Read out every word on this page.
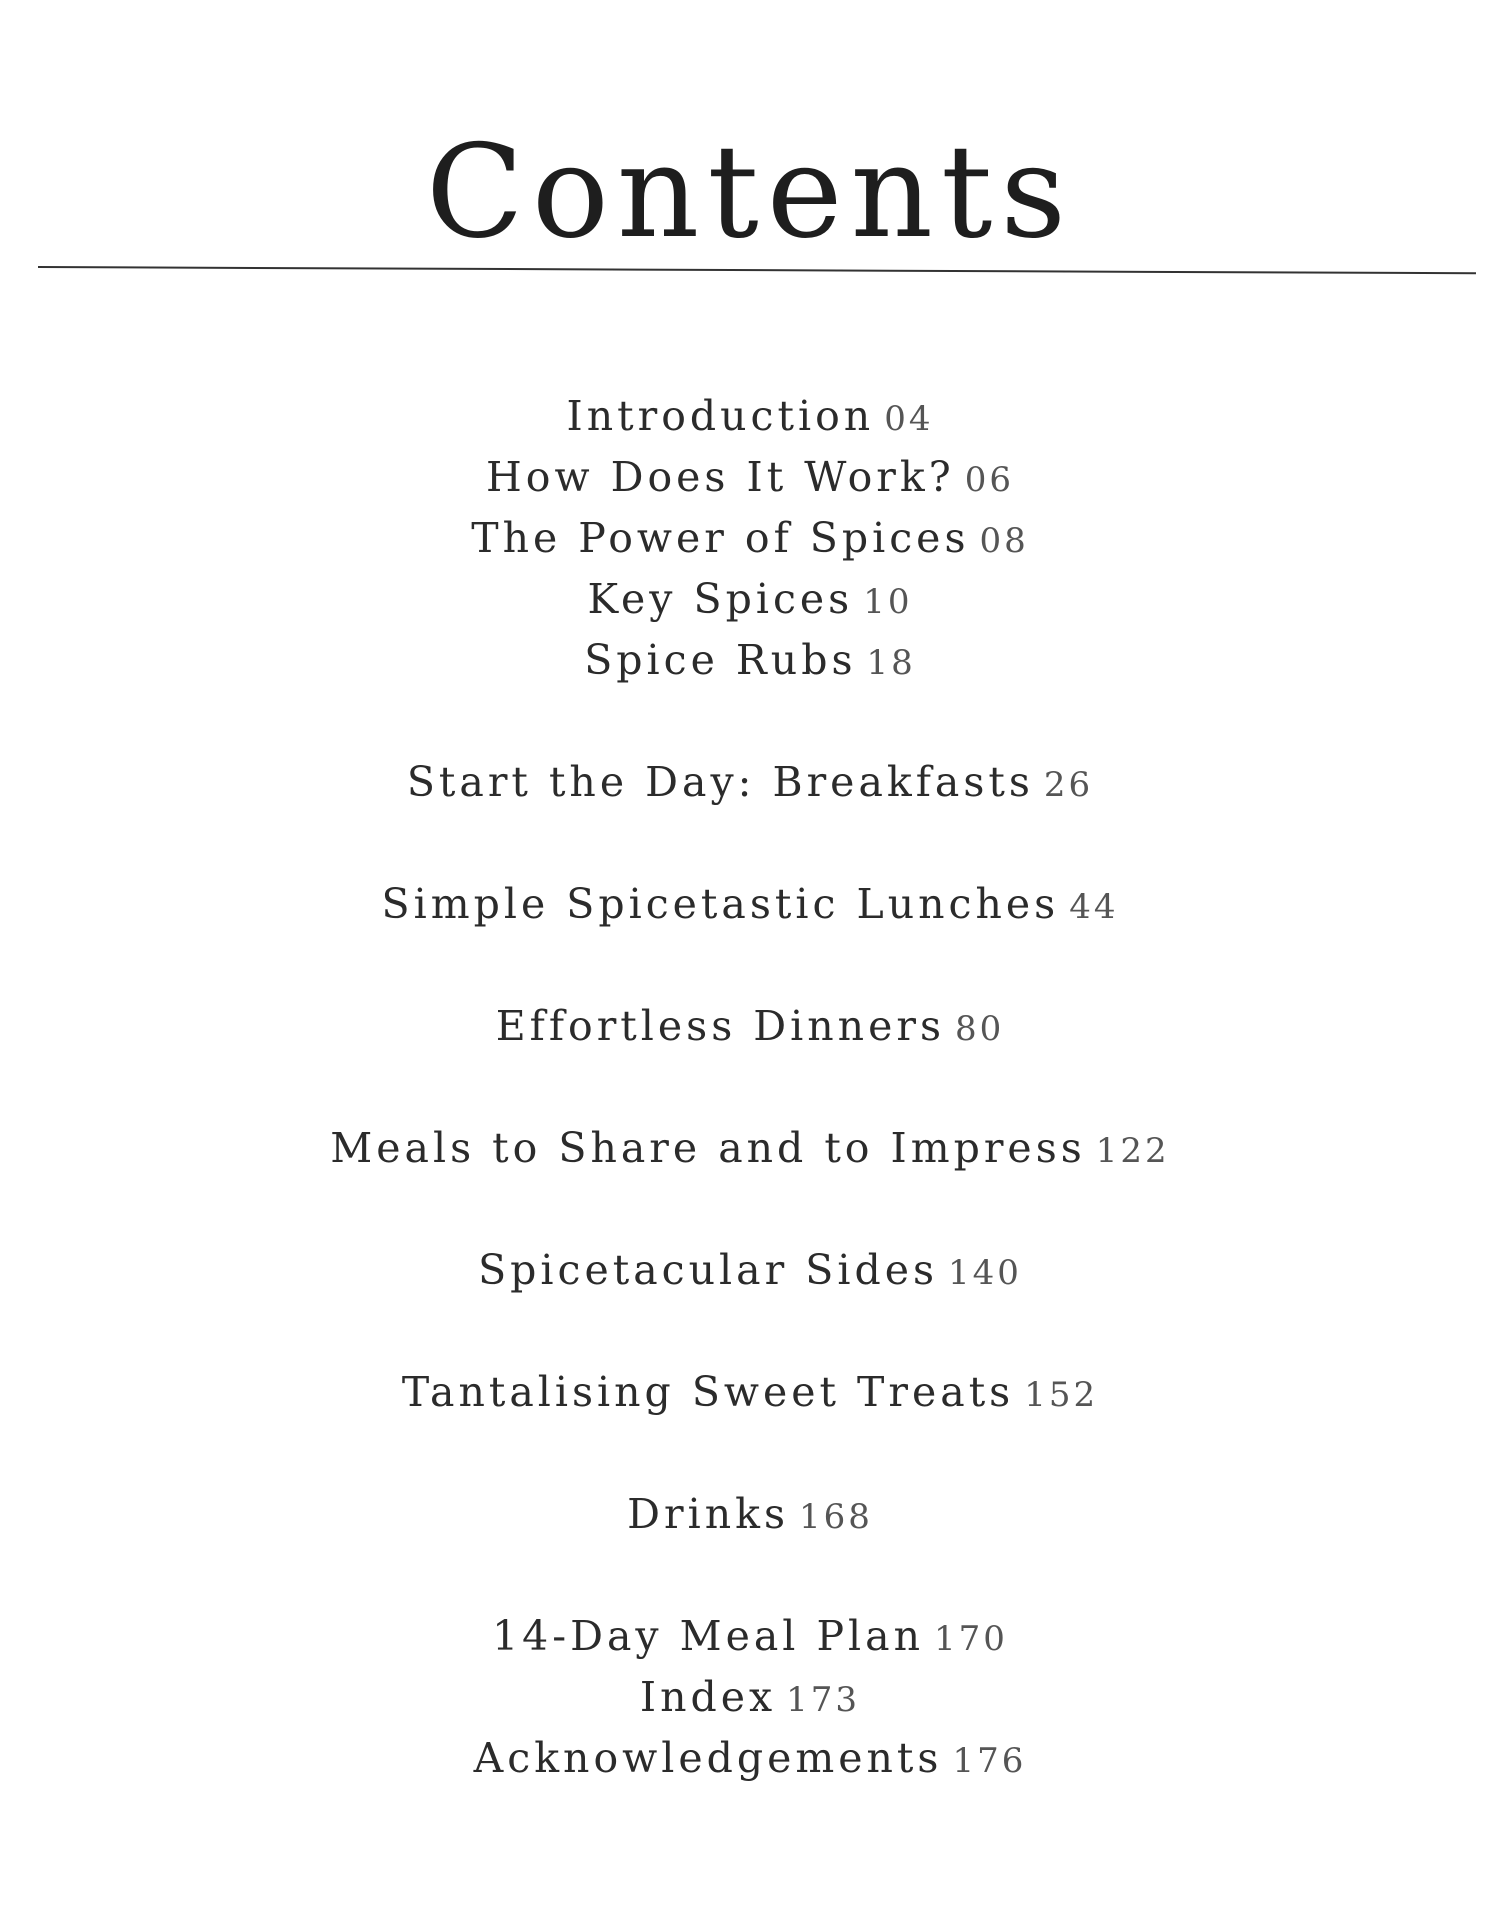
Contents
Introduction 04
How Does It Work? 06
The Power of Spices 08
Key Spices 10
Spice Rubs 18
Start the Day: Breakfasts 26
Simple Spicetastic Lunches 44
Effortless Dinners 80
Meals to Share and to Impress 122
Spicetacular Sides 140
Tantalising Sweet Treats 152
Drinks 168
14-Day Meal Plan 170
Index 173
Acknowledgements 176
